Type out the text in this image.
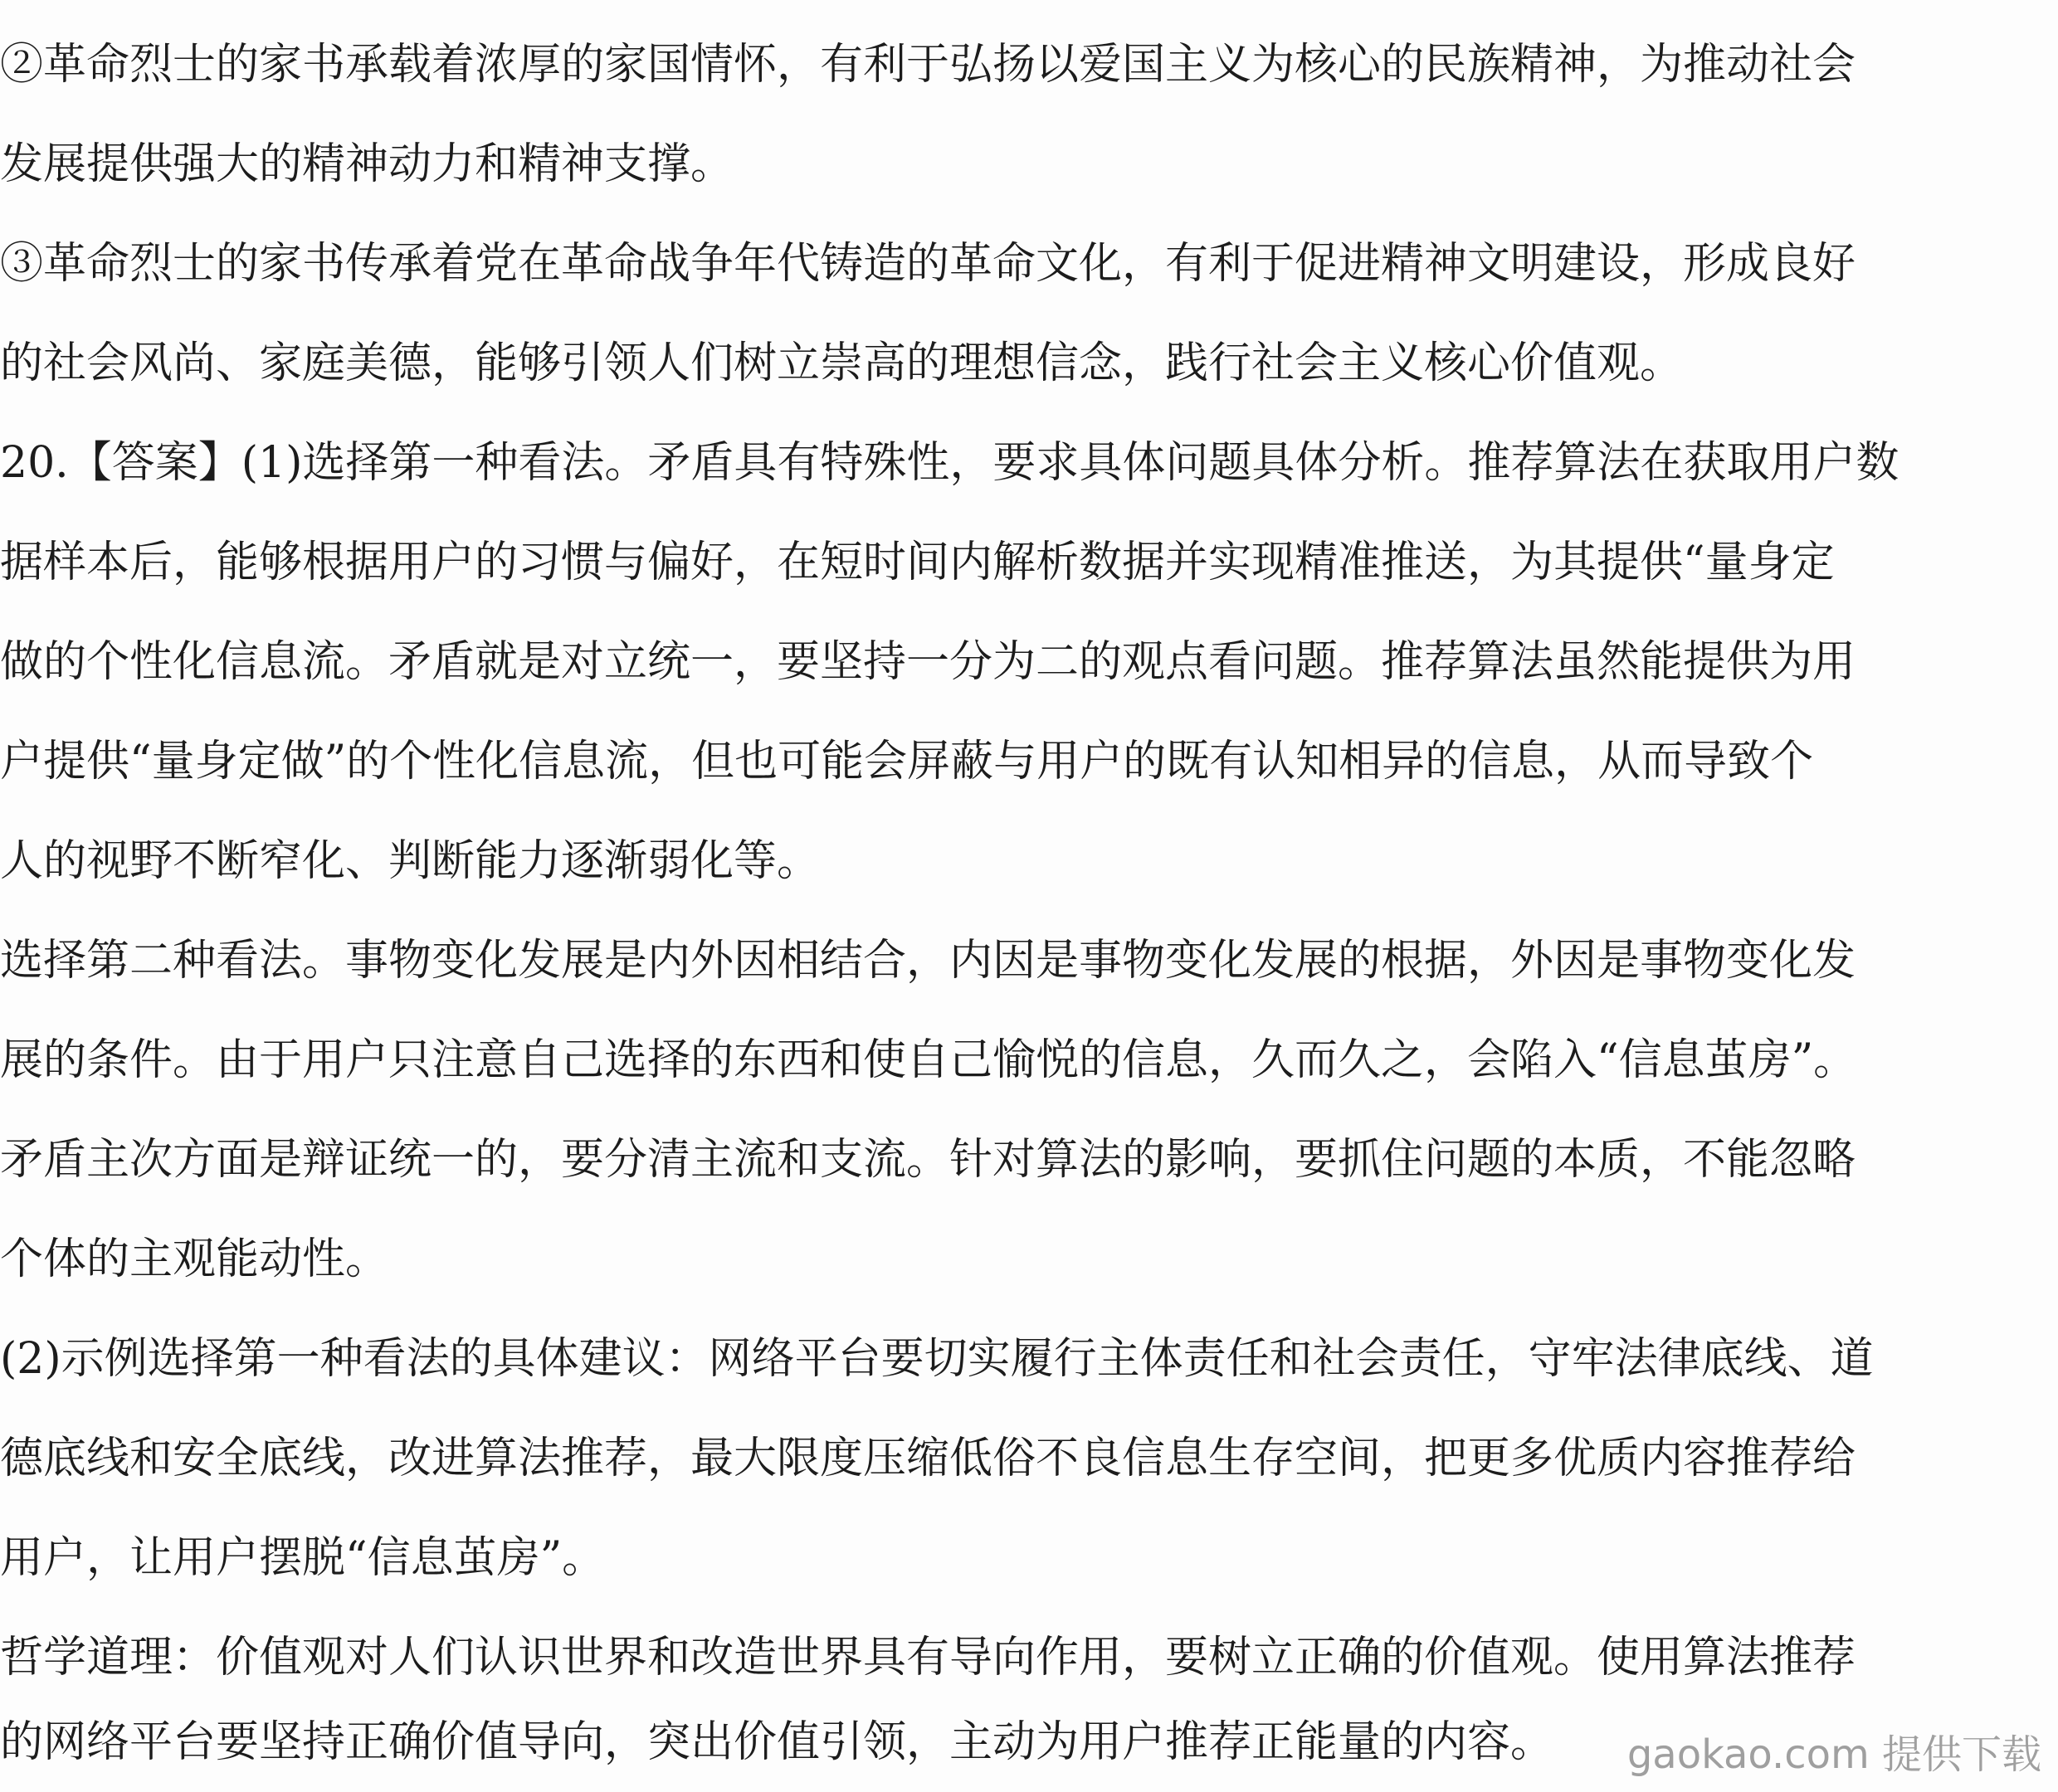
②革命烈士的家书承载着浓厚的家国情怀，有利于弘扬以爱国主义为核心的民族精神，为推动社会
发展提供强大的精神动力和精神支撑。
③革命烈士的家书传承着党在革命战争年代铸造的革命文化，有利于促进精神文明建设，形成良好
的社会风尚、家庭美德，能够引领人们树立崇高的理想信念，践行社会主义核心价值观。
20.【答案】(1)选择第一种看法。矛盾具有特殊性，要求具体问题具体分析。推荐算法在获取用户数
据样本后，能够根据用户的习惯与偏好，在短时间内解析数据并实现精准推送，为其提供“量身定
做的个性化信息流。矛盾就是对立统一，要坚持一分为二的观点看问题。推荐算法虽然能提供为用
户提供“量身定做”的个性化信息流，但也可能会屏蔽与用户的既有认知相异的信息，从而导致个
人的视野不断窄化、判断能力逐渐弱化等。
选择第二种看法。事物变化发展是内外因相结合，内因是事物变化发展的根据，外因是事物变化发
展的条件。由于用户只注意自己选择的东西和使自己愉悦的信息，久而久之，会陷入“信息茧房”。
矛盾主次方面是辩证统一的，要分清主流和支流。针对算法的影响，要抓住问题的本质，不能忽略
个体的主观能动性。
(2)示例选择第一种看法的具体建议：网络平台要切实履行主体责任和社会责任，守牢法律底线、道
德底线和安全底线，改进算法推荐，最大限度压缩低俗不良信息生存空间，把更多优质内容推荐给
用户，让用户摆脱“信息茧房”。
哲学道理：价值观对人们认识世界和改造世界具有导向作用，要树立正确的价值观。使用算法推荐
的网络平台要坚持正确价值导向，突出价值引领，主动为用户推荐正能量的内容。	gaokao.com 提供下载
